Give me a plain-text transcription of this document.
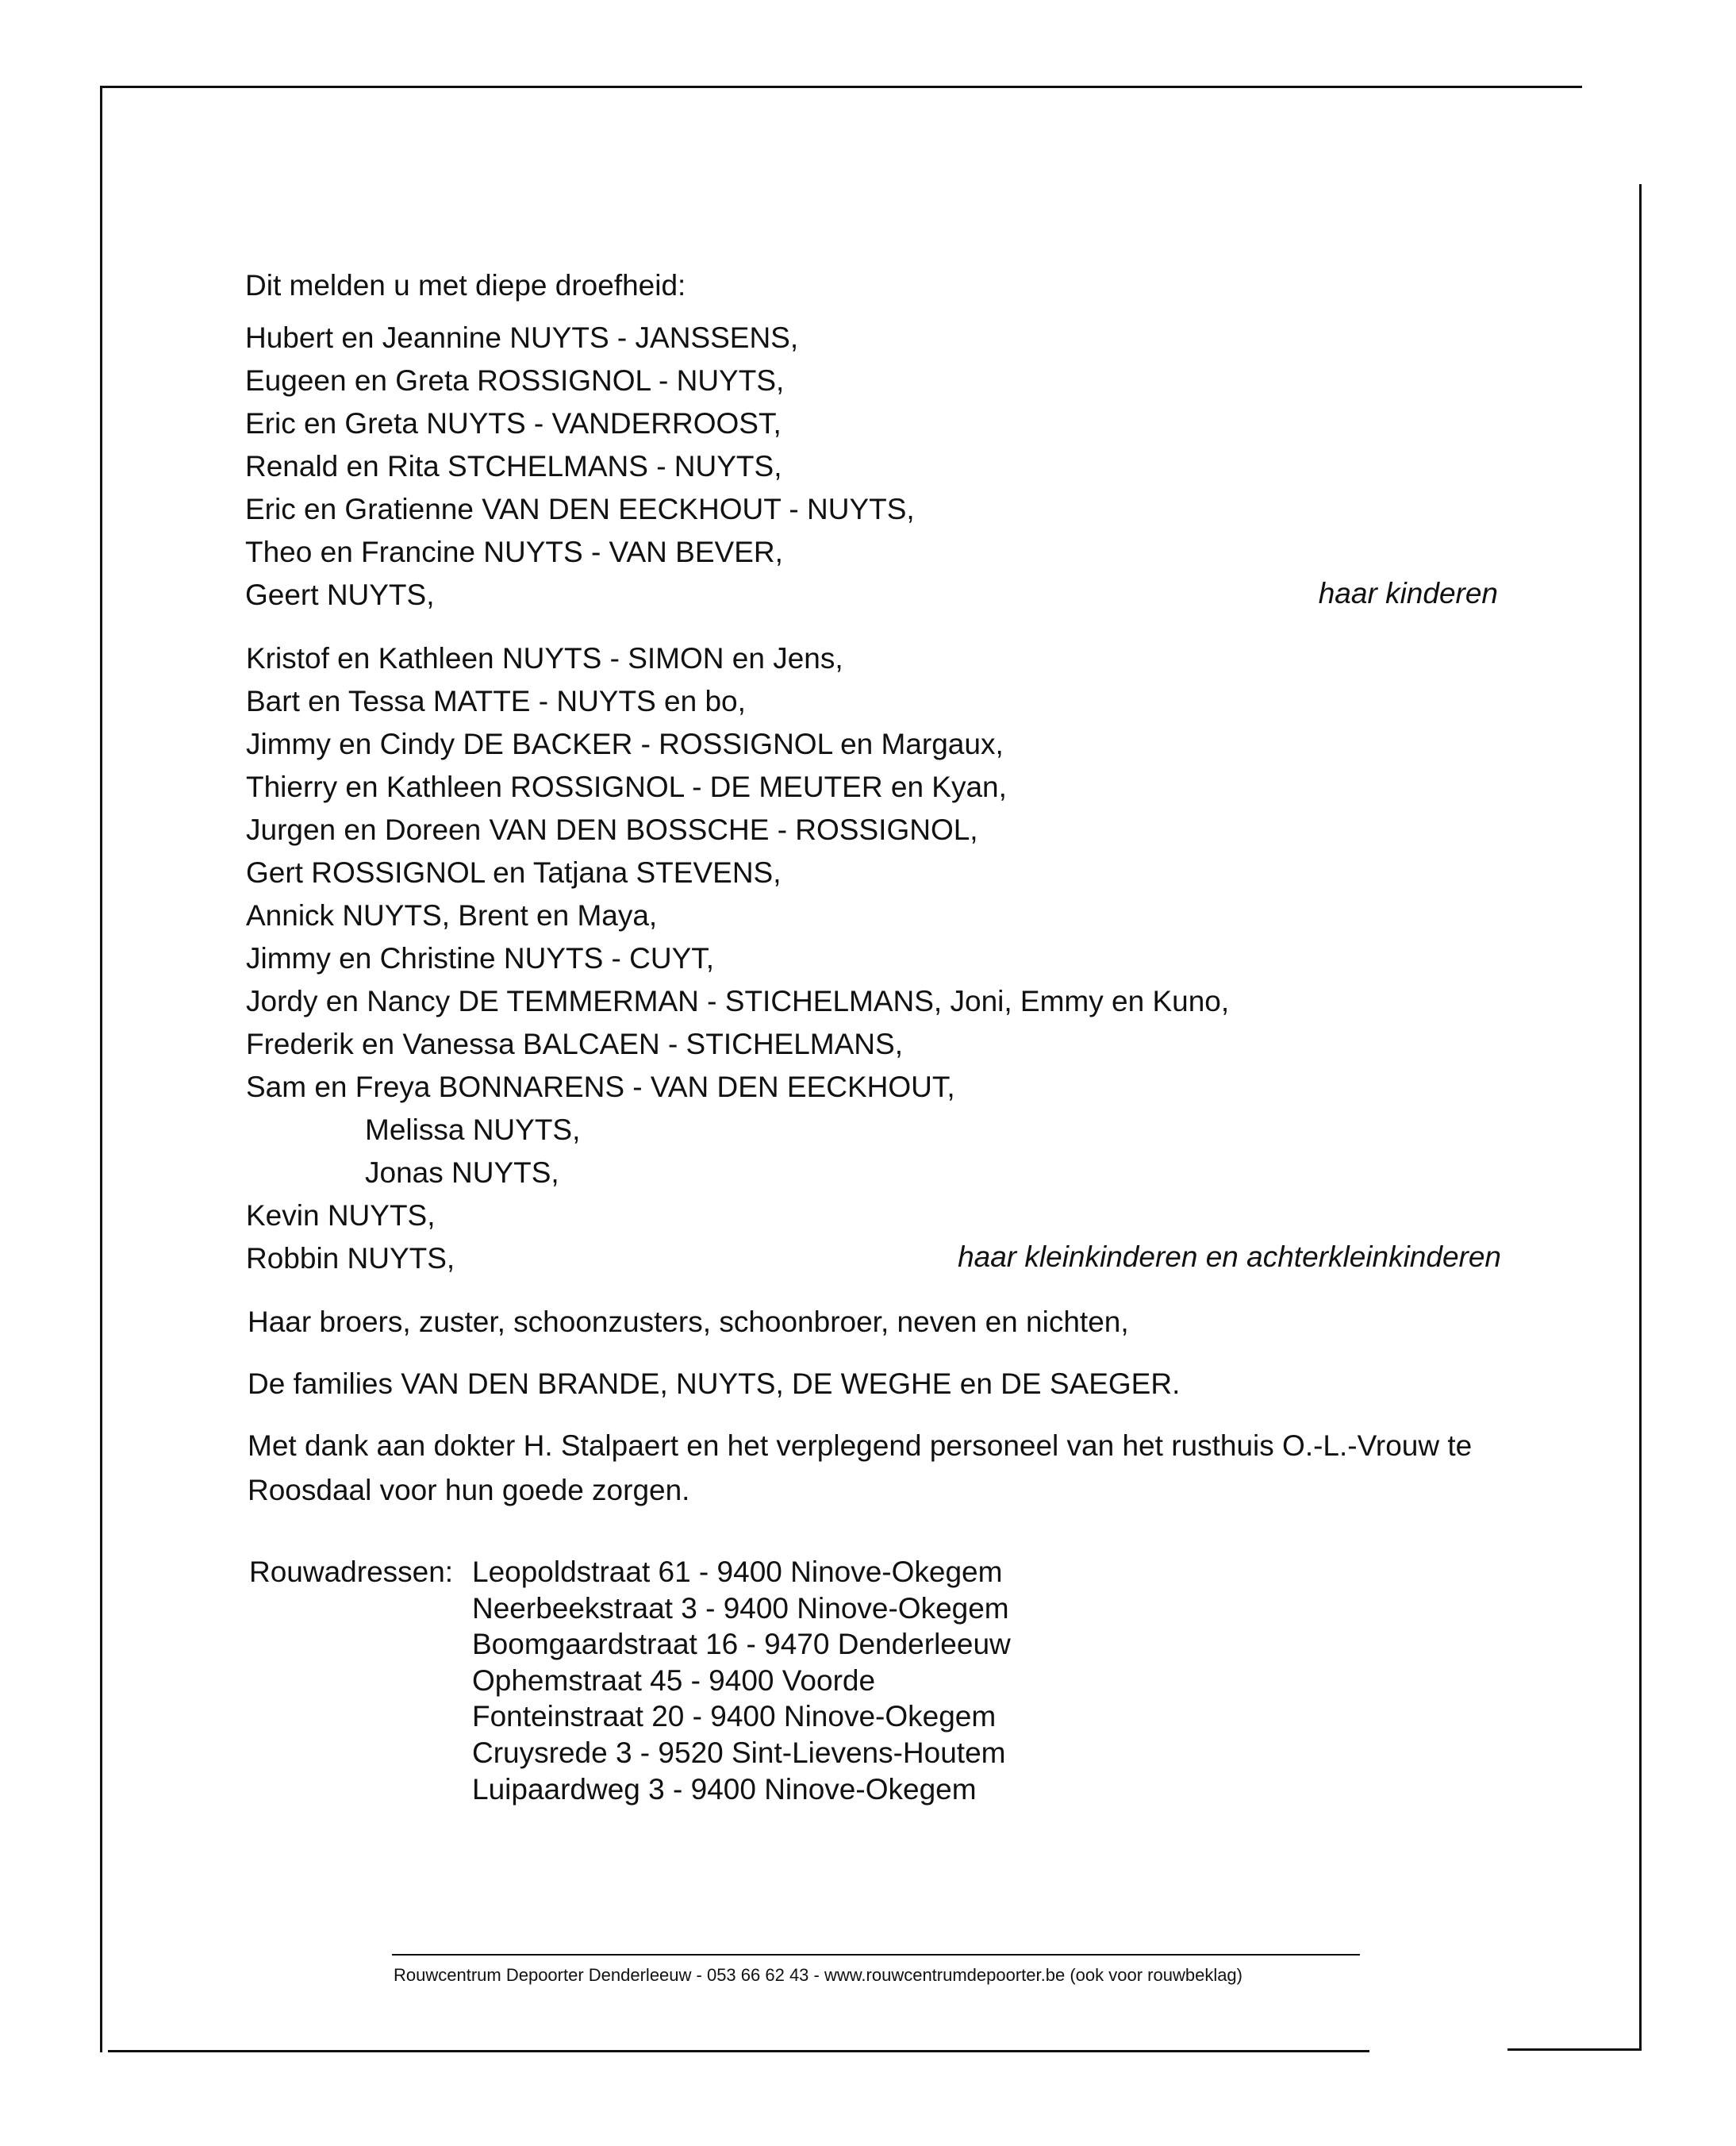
Dit melden u met diepe droefheid:
Hubert en Jeannine NUYTS - JANSSENS,
Eugeen en Greta ROSSIGNOL - NUYTS,
Eric en Greta NUYTS - VANDERROOST,
Renald en Rita STCHELMANS - NUYTS,
Eric en Gratienne VAN DEN EECKHOUT - NUYTS,
Theo en Francine NUYTS - VAN BEVER,
Geert NUYTS,	haar kinderen
Kristof en Kathleen NUYTS - SIMON en Jens,
Bart en Tessa MATTE - NUYTS en bo,
Jimmy en Cindy DE BACKER - ROSSIGNOL en Margaux,
Thierry en Kathleen ROSSIGNOL - DE MEUTER en Kyan,
Jurgen en Doreen VAN DEN BOSSCHE - ROSSIGNOL,
Gert ROSSIGNOL en Tatjana STEVENS,
Annick NUYTS, Brent en Maya,
Jimmy en Christine NUYTS - CUYT,
Jordy en Nancy DE TEMMERMAN - STICHELMANS, Joni, Emmy en Kuno,
Frederik en Vanessa BALCAEN - STICHELMANS,
Sam en Freya BONNARENS - VAN DEN EECKHOUT,
Melissa NUYTS,
Jonas NUYTS,
Kevin NUYTS,
Robbin NUYTS,	haar kleinkinderen en achterkleinkinderen
Haar broers, zuster, schoonzusters, schoonbroer, neven en nichten,
De families VAN DEN BRANDE, NUYTS, DE WEGHE en DE SAEGER.
Met dank aan dokter H. Stalpaert en het verplegend personeel van het rusthuis O.-L.-Vrouw te
Roosdaal voor hun goede zorgen.
Rouwadressen: Leopoldstraat 61 - 9400 Ninove-Okegem
Neerbeekstraat 3 - 9400 Ninove-Okegem
Boomgaardstraat 16 - 9470 Denderleeuw
Ophemstraat 45 - 9400 Voorde
Fonteinstraat 20 - 9400 Ninove-Okegem
Cruysrede 3 - 9520 Sint-Lievens-Houtem
Luipaardweg 3 - 9400 Ninove-Okegem
Rouwcentrum Depoorter Denderleeuw - 053 66 62 43 - www.rouwcentrumdepoorter.be (ook voor rouwbeklag)
